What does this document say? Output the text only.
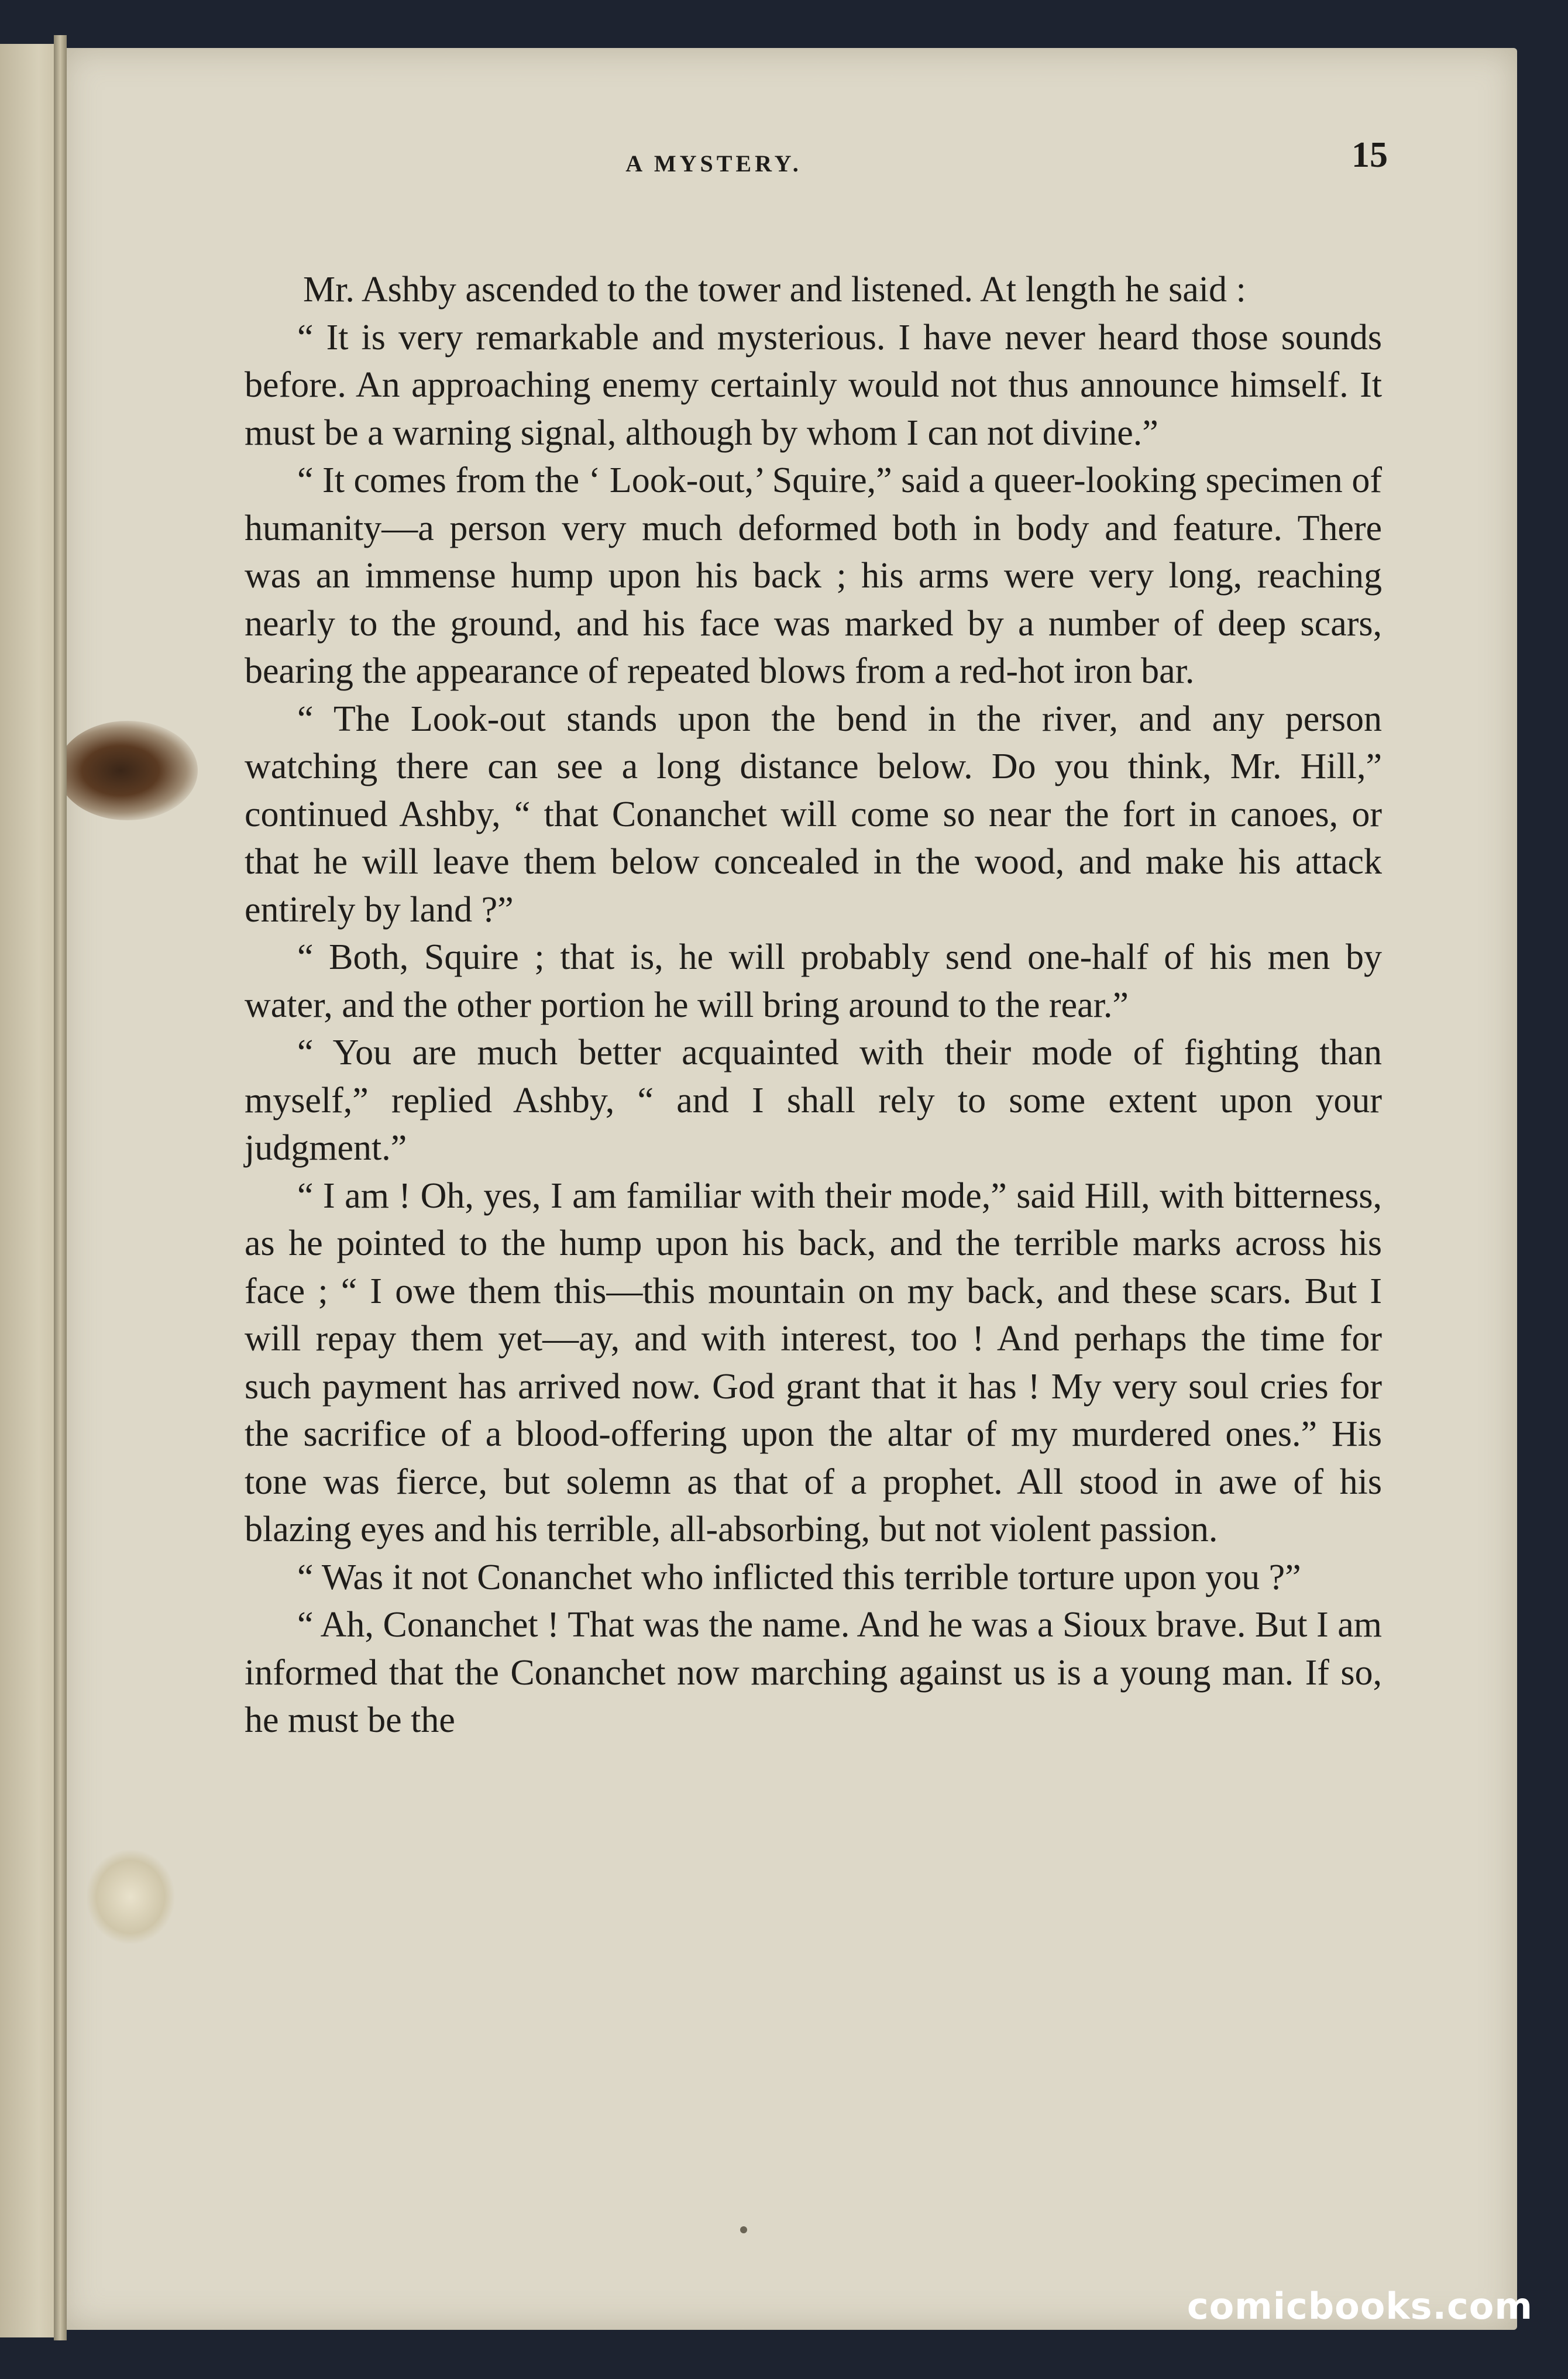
A MYSTERY.	15

Mr. Ashby ascended to the tower and listened. At length he said :

“ It is very remarkable and mysterious. I have never heard those sounds before. An approaching enemy certainly would not thus announce himself. It must be a warning signal, although by whom I can not divine.”

“ It comes from the ‘ Look-out,’ Squire,” said a queer-looking specimen of humanity—a person very much deformed both in body and feature. There was an immense hump upon his back ; his arms were very long, reaching nearly to the ground, and his face was marked by a number of deep scars, bearing the appearance of repeated blows from a red-hot iron bar.

“ The Look-out stands upon the bend in the river, and any person watching there can see a long distance below. Do you think, Mr. Hill,” continued Ashby, “ that Conanchet will come so near the fort in canoes, or that he will leave them below concealed in the wood, and make his attack entirely by land ?”

“ Both, Squire ; that is, he will probably send one-half of his men by water, and the other portion he will bring around to the rear.”

“ You are much better acquainted with their mode of fighting than myself,” replied Ashby, “ and I shall rely to some extent upon your judgment.”

“ I am ! Oh, yes, I am familiar with their mode,” said Hill, with bitterness, as he pointed to the hump upon his back, and the terrible marks across his face ; “ I owe them this—this mountain on my back, and these scars. But I will repay them yet—ay, and with interest, too ! And perhaps the time for such payment has arrived now. God grant that it has ! My very soul cries for the sacrifice of a blood-offering upon the altar of my murdered ones.” His tone was fierce, but solemn as that of a prophet. All stood in awe of his blazing eyes and his terrible, all-absorbing, but not violent passion.

“ Was it not Conanchet who inflicted this terrible torture upon you ?”

“ Ah, Conanchet ! That was the name. And he was a Sioux brave. But I am informed that the Conanchet now marching against us is a young man. If so, he must be the

comicbooks.com
